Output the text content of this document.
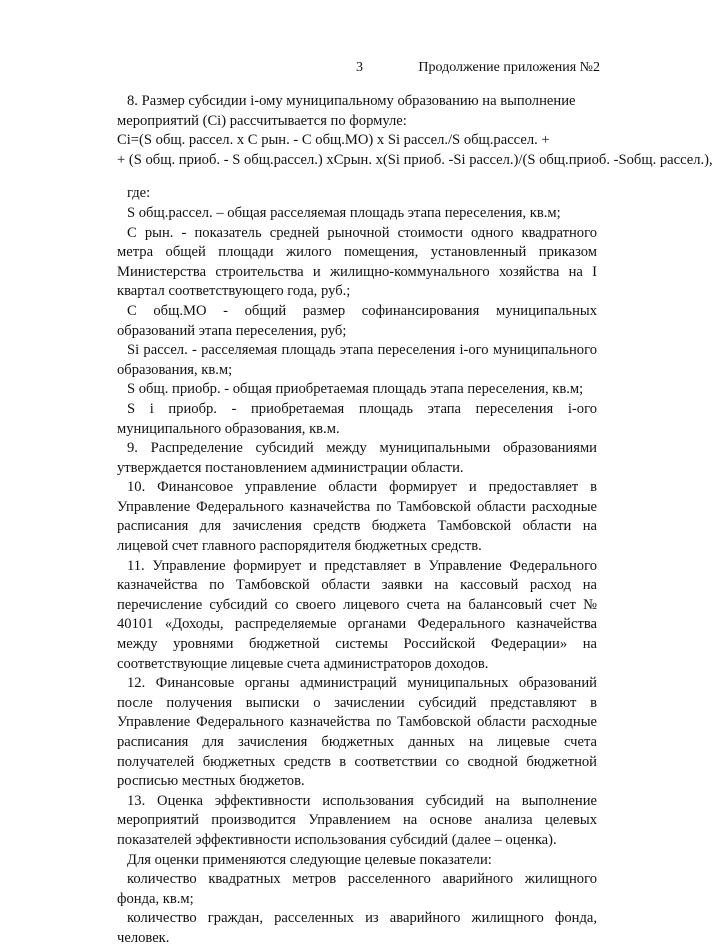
3	Продолжение приложения №2

8. Размер субсидии i-ому муниципальному образованию на выполнение

мероприятий (Ci) рассчитывается по формуле:

Ci=(S общ. рассел. x C рын. - C общ.МО) x Si рассел./S общ.рассел. +

+ (S общ. приоб. - S общ.рассел.) xCрын. x(Si приоб. -Si рассел.)/(S общ.приоб. -Sобщ. рассел.),

где:

S общ.рассел. – общая расселяемая площадь этапа переселения, кв.м;

C рын. - показатель средней рыночной стоимости одного квадратного метра общей площади жилого помещения, установленный приказом Министерства строительства и жилищно-коммунального хозяйства на I квартал соответствующего года, руб.;

С общ.МО - общий размер софинансирования муниципальных образований этапа переселения, руб;

Si рассел. - расселяемая площадь этапа переселения i-ого муниципального образования, кв.м;

S общ. приобр. - общая приобретаемая площадь этапа переселения, кв.м;

S i приобр. - приобретаемая площадь этапа переселения i-ого муниципального образования, кв.м.

9. Распределение субсидий между муниципальными образованиями утверждается постановлением администрации области.

10. Финансовое управление области формирует и предоставляет в Управление Федерального казначейства по Тамбовской области расходные расписания для зачисления средств бюджета Тамбовской области на лицевой счет главного распорядителя бюджетных средств.

11. Управление формирует и представляет в Управление Федерального казначейства по Тамбовской области заявки на кассовый расход на перечисление субсидий со своего лицевого счета на балансовый счет № 40101 «Доходы, распределяемые органами Федерального казначейства между уровнями бюджетной системы Российской Федерации» на соответствующие лицевые счета администраторов доходов.

12. Финансовые органы администраций муниципальных образований после получения выписки о зачислении субсидий представляют в Управление Федерального казначейства по Тамбовской области расходные расписания для зачисления бюджетных данных на лицевые счета получателей бюджетных средств в соответствии со сводной бюджетной росписью местных бюджетов.

13. Оценка эффективности использования субсидий на выполнение мероприятий производится Управлением на основе анализа целевых показателей эффективности использования субсидий (далее – оценка).

Для оценки применяются следующие целевые показатели:

количество квадратных метров расселенного аварийного жилищного фонда, кв.м;

количество граждан, расселенных из аварийного жилищного фонда, человек.
